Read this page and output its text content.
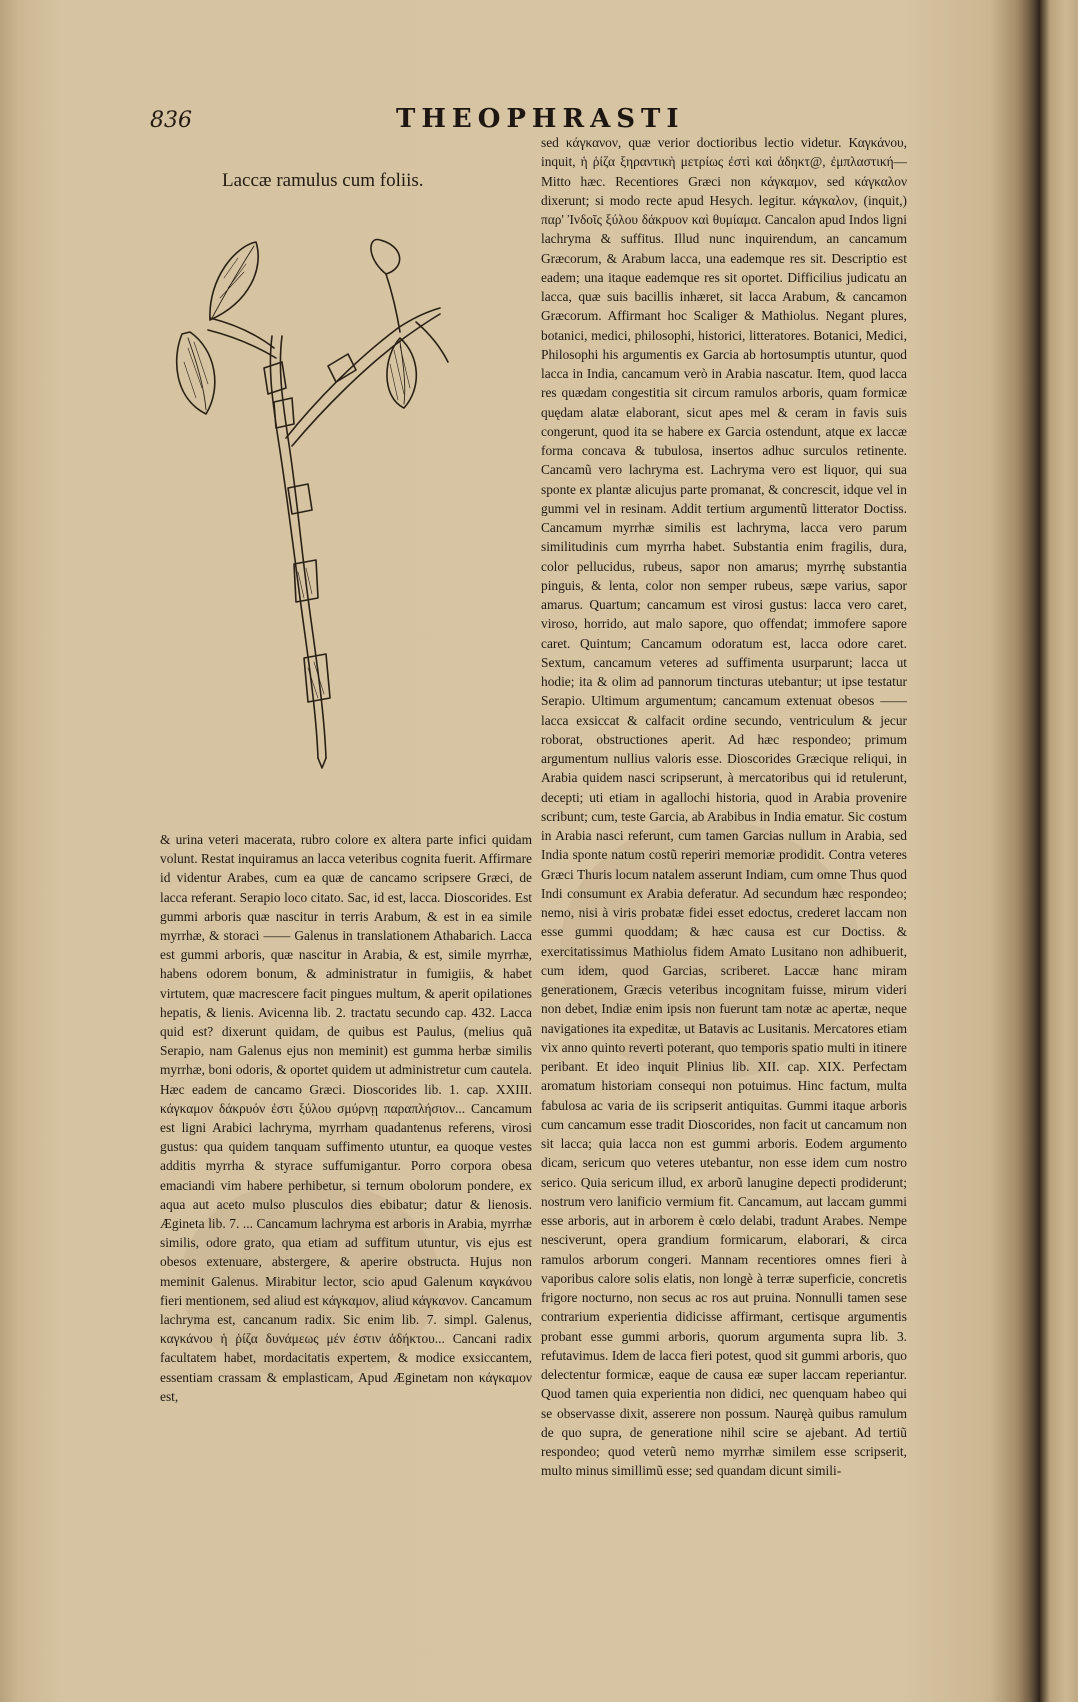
836	THEOPHRASTI
Laccæ ramulus cum foliis.

& urina veteri macerata, rubro colore ex altera parte infici quidam volunt. Restat inquiramus an lacca veteribus cognita fuerit. Affirmare id videntur Arabes, cum ea quæ de cancamo scripsere Græci, de lacca referant. Serapio loco citato. Sac, id est, lacca. Dioscorides. Est gummi arboris quæ nascitur in terris Arabum, & est in ea simile myrrhæ, & storaci —— Galenus in translationem Athabarich. Lacca est gummi arboris, quæ nascitur in Arabia, & est, simile myrrhæ, habens odorem bonum, & administratur in fumigiis, & habet virtutem, quæ macrescere facit pingues multum, & aperit opilationes hepatis, & lienis. Avicenna lib. 2. tractatu secundo cap. 432. Lacca quid est? dixerunt quidam, de quibus est Paulus, (melius quã Serapio, nam Galenus ejus non meminit) est gumma herbæ similis myrrhæ, boni odoris, & oportet quidem ut administretur cum cautela. Hæc eadem de cancamo Græci. Dioscorides lib. 1. cap. XXIII. κάγκαμον δάκρυόν ἐστι ξύλου σμύρνῃ παραπλήσιον... Cancamum est ligni Arabici lachryma, myrrham quadantenus referens, virosi gustus: qua quidem tanquam suffimento utuntur, ea quoque vestes additis myrrha & styrace suffumigantur. Porro corpora obesa emaciandi vim habere perhibetur, si ternum obolorum pondere, ex aqua aut aceto mulso plusculos dies ebibatur; datur & lienosis. Ægineta lib. 7. ... Cancamum lachryma est arboris in Arabia, myrrhæ similis, odore grato, qua etiam ad suffitum utuntur, vis ejus est obesos extenuare, abstergere, & aperire obstructa. Hujus non meminit Galenus. Mirabitur lector, scio apud Galenum καγκάνου fieri mentionem, sed aliud est κάγκαμον, aliud κάγκανον. Cancamum lachryma est, cancanum radix. Sic enim lib. 7. simpl. Galenus, καγκάνου ἡ ῥίζα δυνάμεως μέν ἐστιν ἀδήκτου... Cancani radix facultatem habet, mordacitatis expertem, & modice exsiccantem, essentiam crassam & emplasticam, Apud Æginetam non κάγκαμον est,

sed κάγκανον, quæ verior doctioribus lectio videtur. Καγκάνου, inquit, ἡ ῥίζα ξηραντικὴ μετρίως ἐστὶ καὶ ἀδηκτ@, ἐμπλαστική—Mitto hæc. Recentiores Græci non κάγκαμον, sed κάγκαλον dixerunt; si modo recte apud Hesych. legitur. κάγκαλον, (inquit,) παρ' Ἰνδοῖς ξύλου δάκρυον καὶ θυμίαμα. Cancalon apud Indos ligni lachryma & suffitus. Illud nunc inquirendum, an cancamum Græcorum, & Arabum lacca, una eademque res sit. Descriptio est eadem; una itaque eademque res sit oportet. Difficilius judicatu an lacca, quæ suis bacillis inhæret, sit lacca Arabum, & cancamon Græcorum. Affirmant hoc Scaliger & Mathiolus. Negant plures, botanici, medici, philosophi, historici, litteratores. Botanici, Medici, Philosophi his argumentis ex Garcia ab hortosumptis utuntur, quod lacca in India, cancamum verò in Arabia nascatur. Item, quod lacca res quædam congestitia sit circum ramulos arboris, quam formicæ quędam alatæ elaborant, sicut apes mel & ceram in favis suis congerunt, quod ita se habere ex Garcia ostendunt, atque ex laccæ forma concava & tubulosa, insertos adhuc surculos retinente. Cancamũ vero lachryma est. Lachryma vero est liquor, qui sua sponte ex plantæ alicujus parte promanat, & concrescit, idque vel in gummi vel in resinam. Addit tertium argumentũ litterator Doctiss. Cancamum myrrhæ similis est lachryma, lacca vero parum similitudinis cum myrrha habet. Substantia enim fragilis, dura, color pellucidus, rubeus, sapor non amarus; myrrhę substantia pinguis, & lenta, color non semper rubeus, sæpe varius, sapor amarus. Quartum; cancamum est virosi gustus: lacca vero caret, viroso, horrido, aut malo sapore, quo offendat; immofere sapore caret. Quintum; Cancamum odoratum est, lacca odore caret. Sextum, cancamum veteres ad suffimenta usurparunt; lacca ut hodie; ita & olim ad pannorum tincturas utebantur; ut ipse testatur Serapio. Ultimum argumentum; cancamum extenuat obesos —— lacca exsiccat & calfacit ordine secundo, ventriculum & jecur roborat, obstructiones aperit. Ad hæc respondeo; primum argumentum nullius valoris esse. Dioscorides Græcique reliqui, in Arabia quidem nasci scripserunt, à mercatoribus qui id retulerunt, decepti; uti etiam in agallochi historia, quod in Arabia provenire scribunt; cum, teste Garcia, ab Arabibus in India ematur. Sic costum in Arabia nasci referunt, cum tamen Garcias nullum in Arabia, sed India sponte natum costũ reperiri memoriæ prodidit. Contra veteres Græci Thuris locum natalem asserunt Indiam, cum omne Thus quod Indi consumunt ex Arabia deferatur. Ad secundum hæc respondeo; nemo, nisi à viris probatæ fidei esset edoctus, crederet laccam non esse gummi quoddam; & hæc causa est cur Doctiss. & exercitatissimus Mathiolus fidem Amato Lusitano non adhibuerit, cum idem, quod Garcias, scriberet. Laccæ hanc miram generationem, Græcis veteribus incognitam fuisse, mirum videri non debet, Indiæ enim ipsis non fuerunt tam notæ ac apertæ, neque navigationes ita expeditæ, ut Batavis ac Lusitanis. Mercatores etiam vix anno quinto reverti poterant, quo temporis spatio multi in itinere peribant. Et ideo inquit Plinius lib. XII. cap. XIX. Perfectam aromatum historiam consequi non potuimus. Hinc factum, multa fabulosa ac varia de iis scripserit antiquitas. Gummi itaque arboris cum cancamum esse tradit Dioscorides, non facit ut cancamum non sit lacca; quia lacca non est gummi arboris. Eodem argumento dicam, sericum quo veteres utebantur, non esse idem cum nostro serico. Quia sericum illud, ex arborũ lanugine depecti prodiderunt; nostrum vero lanificio vermium fit. Cancamum, aut laccam gummi esse arboris, aut in arborem è cœlo delabi, tradunt Arabes. Nempe nesciverunt, opera grandium formicarum, elaborari, & circa ramulos arborum congeri. Mannam recentiores omnes fieri à vaporibus calore solis elatis, non longè à terræ superficie, concretis frigore nocturno, non secus ac ros aut pruina. Nonnulli tamen sese contrarium experientia didicisse affirmant, certisque argumentis probant esse gummi arboris, quorum argumenta supra lib. 3. refutavimus. Idem de lacca fieri potest, quod sit gummi arboris, quo delectentur formicæ, eaque de causa eæ super laccam reperiantur. Quod tamen quia experientia non didici, nec quenquam habeo qui se observasse dixit, asserere non possum. Nauręà quibus ramulum de quo supra, de generatione nihil scire se ajebant. Ad tertiũ respondeo; quod veterũ nemo myrrhæ similem esse scripserit, multo minus simillimũ esse; sed quandam dicunt simili-
